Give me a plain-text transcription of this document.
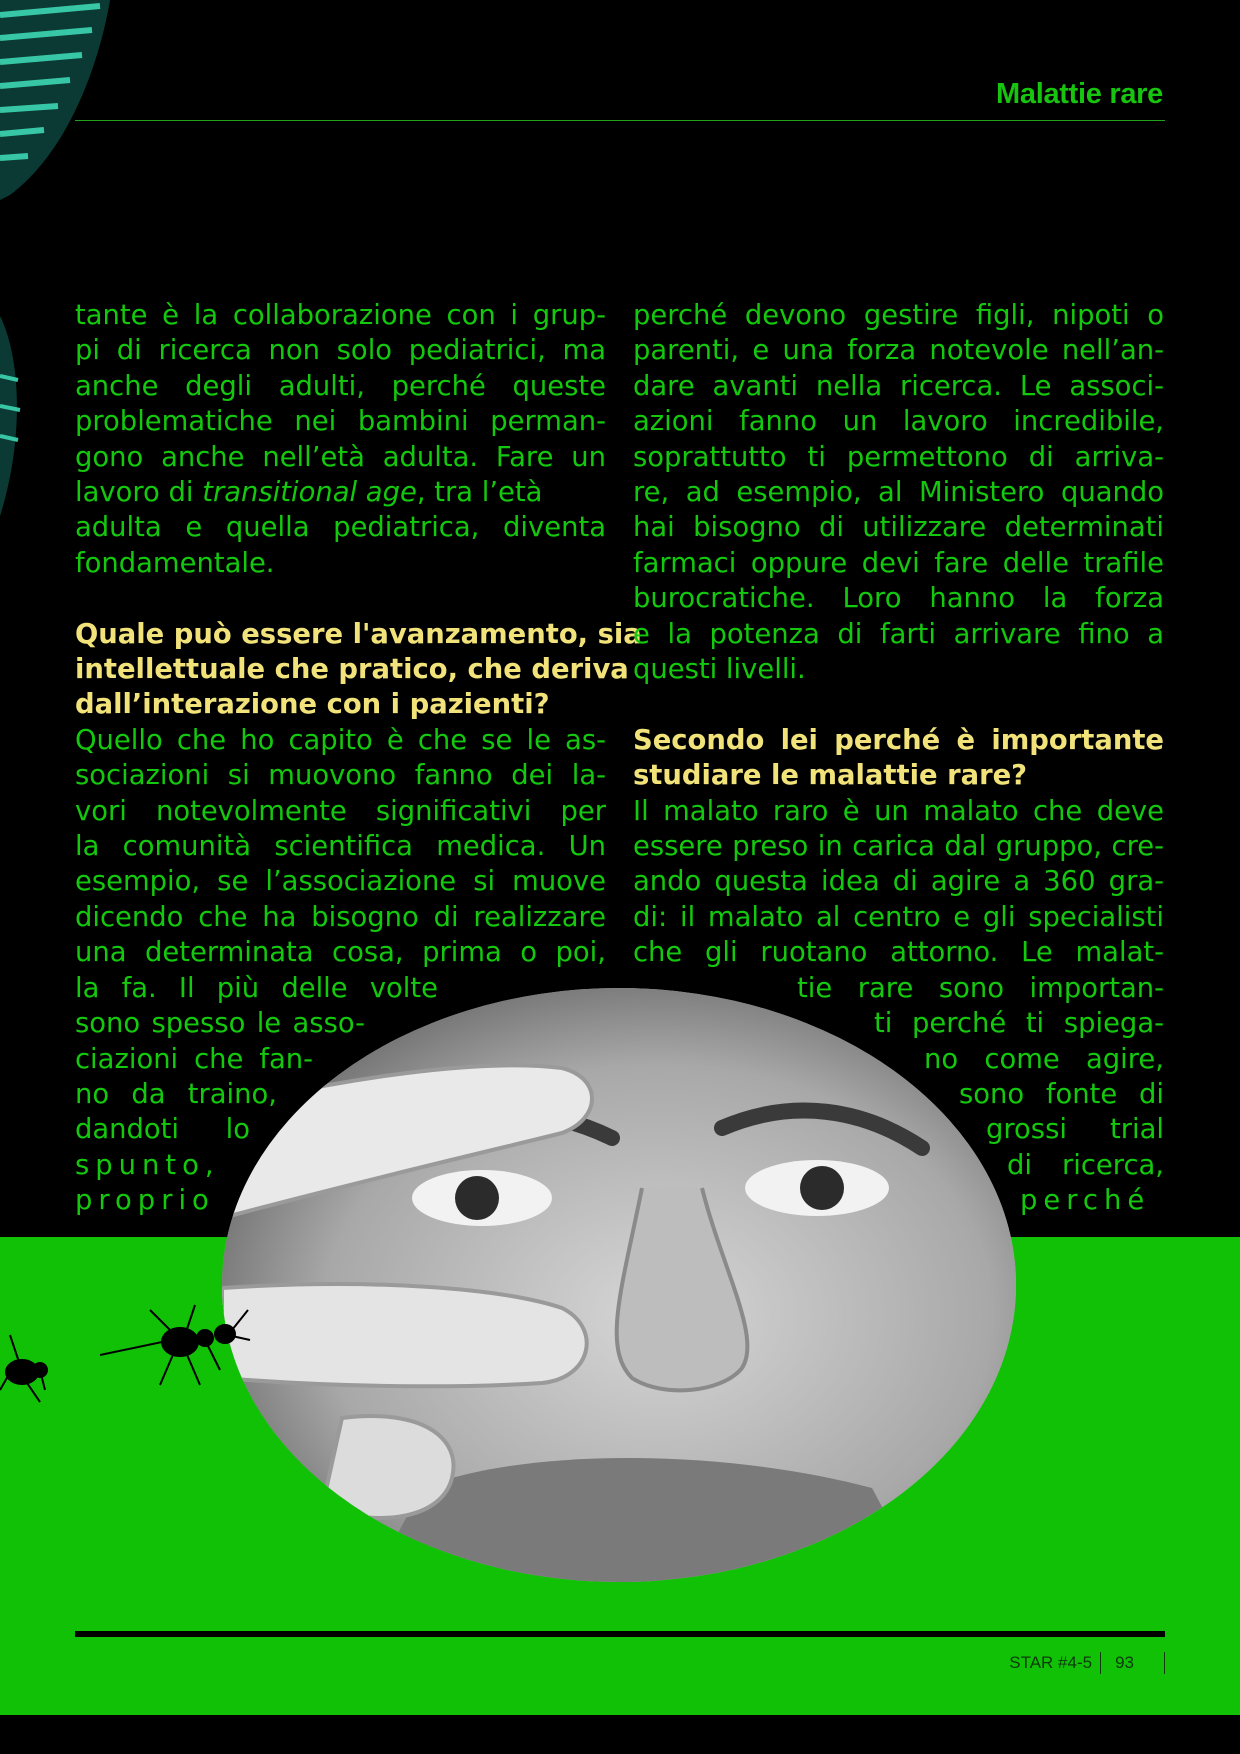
Malattie rare
tante è la collaborazione con i grup-
pi di ricerca non solo pediatrici, ma
anche degli adulti, perché queste
problematiche nei bambini perman-
gono anche nell’età adulta. Fare un
lavoro di transitional age, tra l’età
adulta e quella pediatrica, diventa
fondamentale.
Quale può essere l'avanzamento, sia
intellettuale che pratico, che deriva
dall’interazione con i pazienti?
Quello che ho capito è che se le as-
sociazioni si muovono fanno dei la-
vori notevolmente significativi per
la comunità scientifica medica. Un
esempio, se l’associazione si muove
dicendo che ha bisogno di realizzare
una determinata cosa, prima o poi,
la fa. Il più delle volte
sono spesso le asso-
ciazioni che fan-
no da traino,
dandoti lo
spunto,
proprio
perché devono gestire figli, nipoti o
parenti, e una forza notevole nell’an-
dare avanti nella ricerca. Le associ-
azioni fanno un lavoro incredibile,
soprattutto ti permettono di arriva-
re, ad esempio, al Ministero quando
hai bisogno di utilizzare determinati
farmaci oppure devi fare delle trafile
burocratiche. Loro hanno la forza
e la potenza di farti arrivare fino a
questi livelli.
Secondo lei perché è importante
studiare le malattie rare?
Il malato raro è un malato che deve
essere preso in carica dal gruppo, cre-
ando questa idea di agire a 360 gra-
di: il malato al centro e gli specialisti
che gli ruotano attorno. Le malat-
tie rare sono importan-
ti perché ti spiega-
no come agire,
sono fonte di
grossi trial
di ricerca,
perché
STAR #4-5 93
